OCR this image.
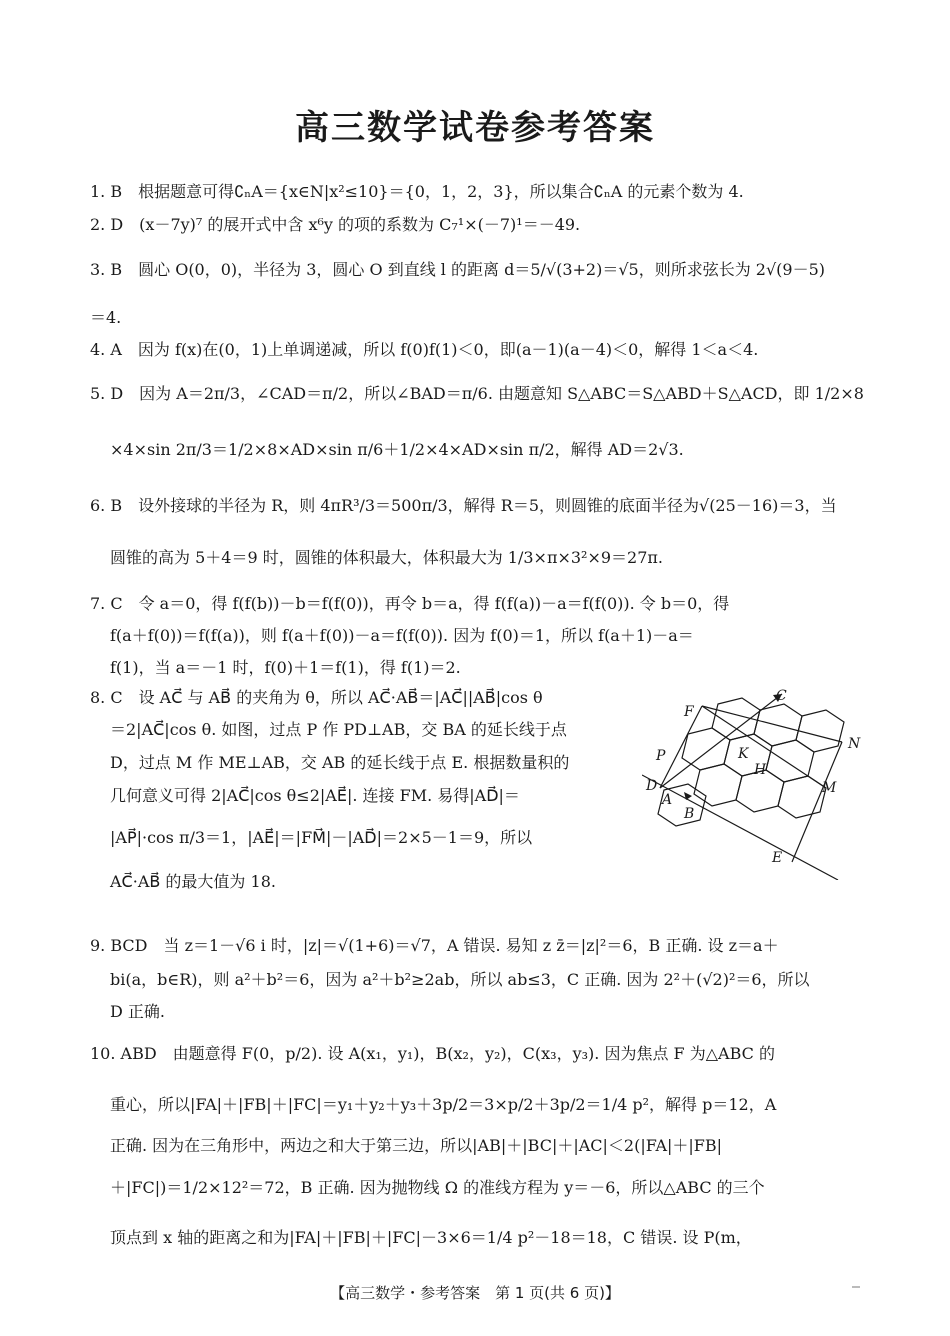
高三数学试卷参考答案
1. B　根据题意可得∁ₙA＝{x∈N|x²≤10}＝{0，1，2，3}，所以集合∁ₙA 的元素个数为 4.
2. D　(x－7y)⁷ 的展开式中含 x⁶y 的项的系数为 C₇¹×(－7)¹＝－49.
3. B　圆心 O(0，0)，半径为 3，圆心 O 到直线 l 的距离 d＝5/√(3+2)＝√5，则所求弦长为 2√(9－5)
＝4.
4. A　因为 f(x)在(0，1)上单调递减，所以 f(0)f(1)＜0，即(a－1)(a－4)＜0，解得 1＜a＜4.
5. D　因为 A＝2π/3，∠CAD＝π/2，所以∠BAD＝π/6. 由题意知 S△ABC＝S△ABD＋S△ACD，即 1/2×8
×4×sin 2π/3＝1/2×8×AD×sin π/6＋1/2×4×AD×sin π/2，解得 AD＝2√3.
6. B　设外接球的半径为 R，则 4πR³/3＝500π/3，解得 R＝5，则圆锥的底面半径为√(25－16)＝3，当
圆锥的高为 5＋4＝9 时，圆锥的体积最大，体积最大为 1/3×π×3²×9＝27π.
7. C　令 a＝0，得 f(f(b))－b＝f(f(0))，再令 b＝a，得 f(f(a))－a＝f(f(0)). 令 b＝0，得
f(a＋f(0))＝f(f(a))，则 f(a＋f(0))－a＝f(f(0)). 因为 f(0)＝1，所以 f(a＋1)－a＝
f(1)，当 a＝－1 时，f(0)＋1＝f(1)，得 f(1)＝2.
8. C　设 AC⃗ 与 AB⃗ 的夹角为 θ，所以 AC⃗·AB⃗＝|AC⃗||AB⃗|cos θ
＝2|AC⃗|cos θ. 如图，过点 P 作 PD⊥AB，交 BA 的延长线于点
D，过点 M 作 ME⊥AB，交 AB 的延长线于点 E. 根据数量积的
几何意义可得 2|AC⃗|cos θ≤2|AE⃗|. 连接 FM. 易得|AD⃗|＝
|AP⃗|·cos π/3＝1，|AE⃗|＝|FM⃗|－|AD⃗|＝2×5－1＝9，所以
AC⃗·AB⃗ 的最大值为 18.
C
F
N
P	K
H
D
A
M
B
E
9. BCD　当 z＝1－√6 i 时，|z|＝√(1+6)＝√7，A 错误. 易知 z z̄＝|z|²＝6，B 正确. 设 z＝a＋
bi(a，b∈R)，则 a²＋b²＝6，因为 a²＋b²≥2ab，所以 ab≤3，C 正确. 因为 2²＋(√2)²＝6，所以
D 正确.
10. ABD　由题意得 F(0，p/2). 设 A(x₁，y₁)，B(x₂，y₂)，C(x₃，y₃). 因为焦点 F 为△ABC 的
重心，所以|FA|＋|FB|＋|FC|＝y₁＋y₂＋y₃＋3p/2＝3×p/2＋3p/2＝1/4 p²，解得 p＝12，A
正确. 因为在三角形中，两边之和大于第三边，所以|AB|＋|BC|＋|AC|＜2(|FA|＋|FB|
＋|FC|)＝1/2×12²＝72，B 正确. 因为抛物线 Ω 的准线方程为 y＝－6，所以△ABC 的三个
顶点到 x 轴的距离之和为|FA|＋|FB|＋|FC|－3×6＝1/4 p²－18＝18，C 错误. 设 P(m，
【高三数学・参考答案　第 1 页(共 6 页)】
